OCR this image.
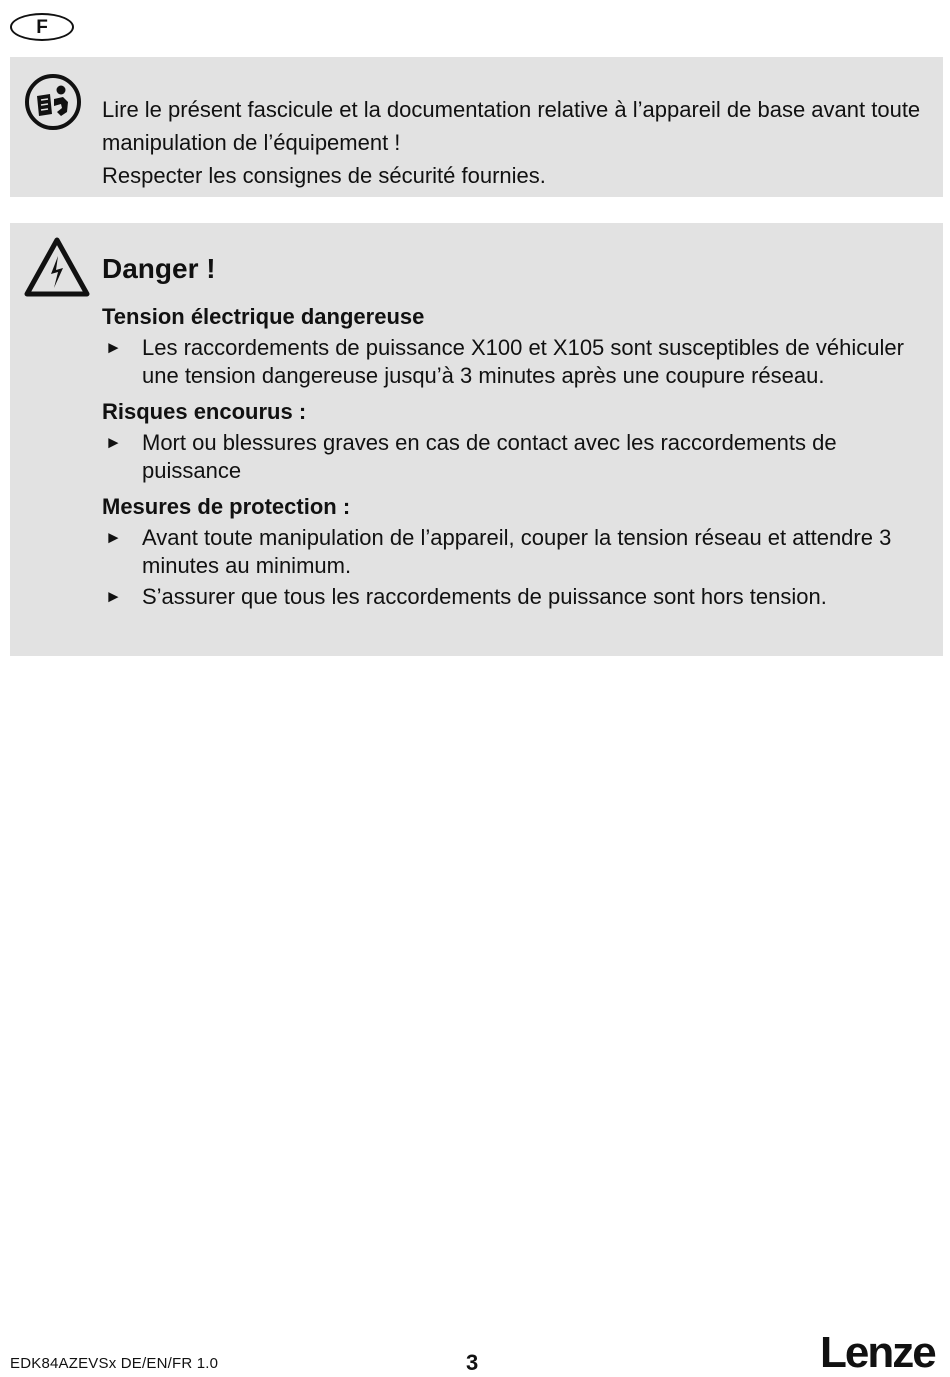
F

Lire le présent fascicule et la documentation relative à l’appareil de base avant toute manipulation de l’équipement !

Respecter les consignes de sécurité fournies.

Danger !

Tension électrique dangereuse

► Les raccordements de puissance X100 et X105 sont susceptibles de véhiculer une tension dangereuse jusqu’à 3 minutes après une coupure réseau.

Risques encourus :

► Mort ou blessures graves en cas de contact avec les raccordements de puissance

Mesures de protection :

► Avant toute manipulation de l’appareil, couper la tension réseau et attendre 3 minutes au minimum.
► S’assurer que tous les raccordements de puissance sont hors tension.
EDK84AZEVSx DE/EN/FR 1.0	3	Lenze
